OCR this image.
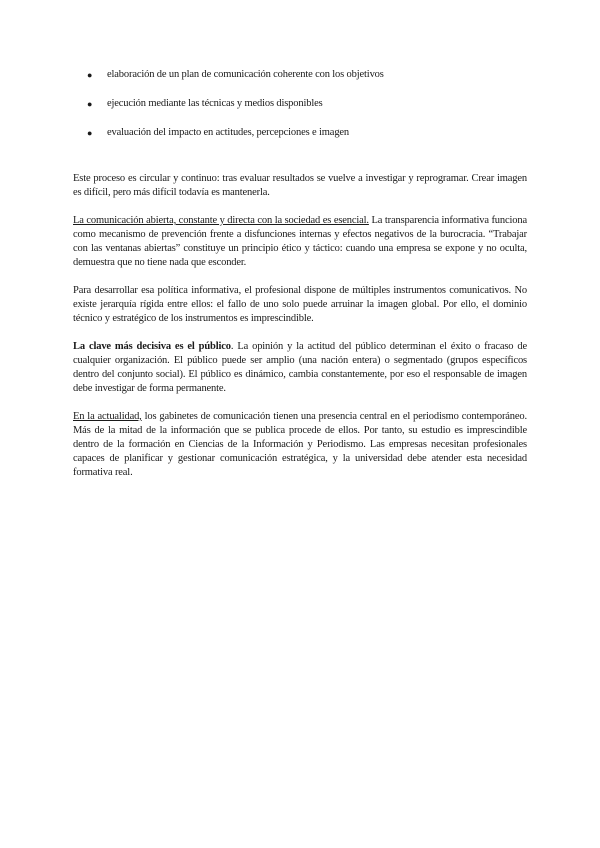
● elaboración de un plan de comunicación coherente con los objetivos
● ejecución mediante las técnicas y medios disponibles
● evaluación del impacto en actitudes, percepciones e imagen

Este proceso es circular y continuo: tras evaluar resultados se vuelve a investigar y reprogramar. Crear imagen es difícil, pero más difícil todavía es mantenerla.

La comunicación abierta, constante y directa con la sociedad es esencial. La transparencia informativa funciona como mecanismo de prevención frente a disfunciones internas y efectos negativos de la burocracia. “Trabajar con las ventanas abiertas” constituye un principio ético y táctico: cuando una empresa se expone y no oculta, demuestra que no tiene nada que esconder.

Para desarrollar esa política informativa, el profesional dispone de múltiples instrumentos comunicativos. No existe jerarquía rígida entre ellos: el fallo de uno solo puede arruinar la imagen global. Por ello, el dominio técnico y estratégico de los instrumentos es imprescindible.

La clave más decisiva es el público. La opinión y la actitud del público determinan el éxito o fracaso de cualquier organización. El público puede ser amplio (una nación entera) o segmentado (grupos específicos dentro del conjunto social). El público es dinámico, cambia constantemente, por eso el responsable de imagen debe investigar de forma permanente.

En la actualidad, los gabinetes de comunicación tienen una presencia central en el periodismo contemporáneo. Más de la mitad de la información que se publica procede de ellos. Por tanto, su estudio es imprescindible dentro de la formación en Ciencias de la Información y Periodismo. Las empresas necesitan profesionales capaces de planificar y gestionar comunicación estratégica, y la universidad debe atender esta necesidad formativa real.
